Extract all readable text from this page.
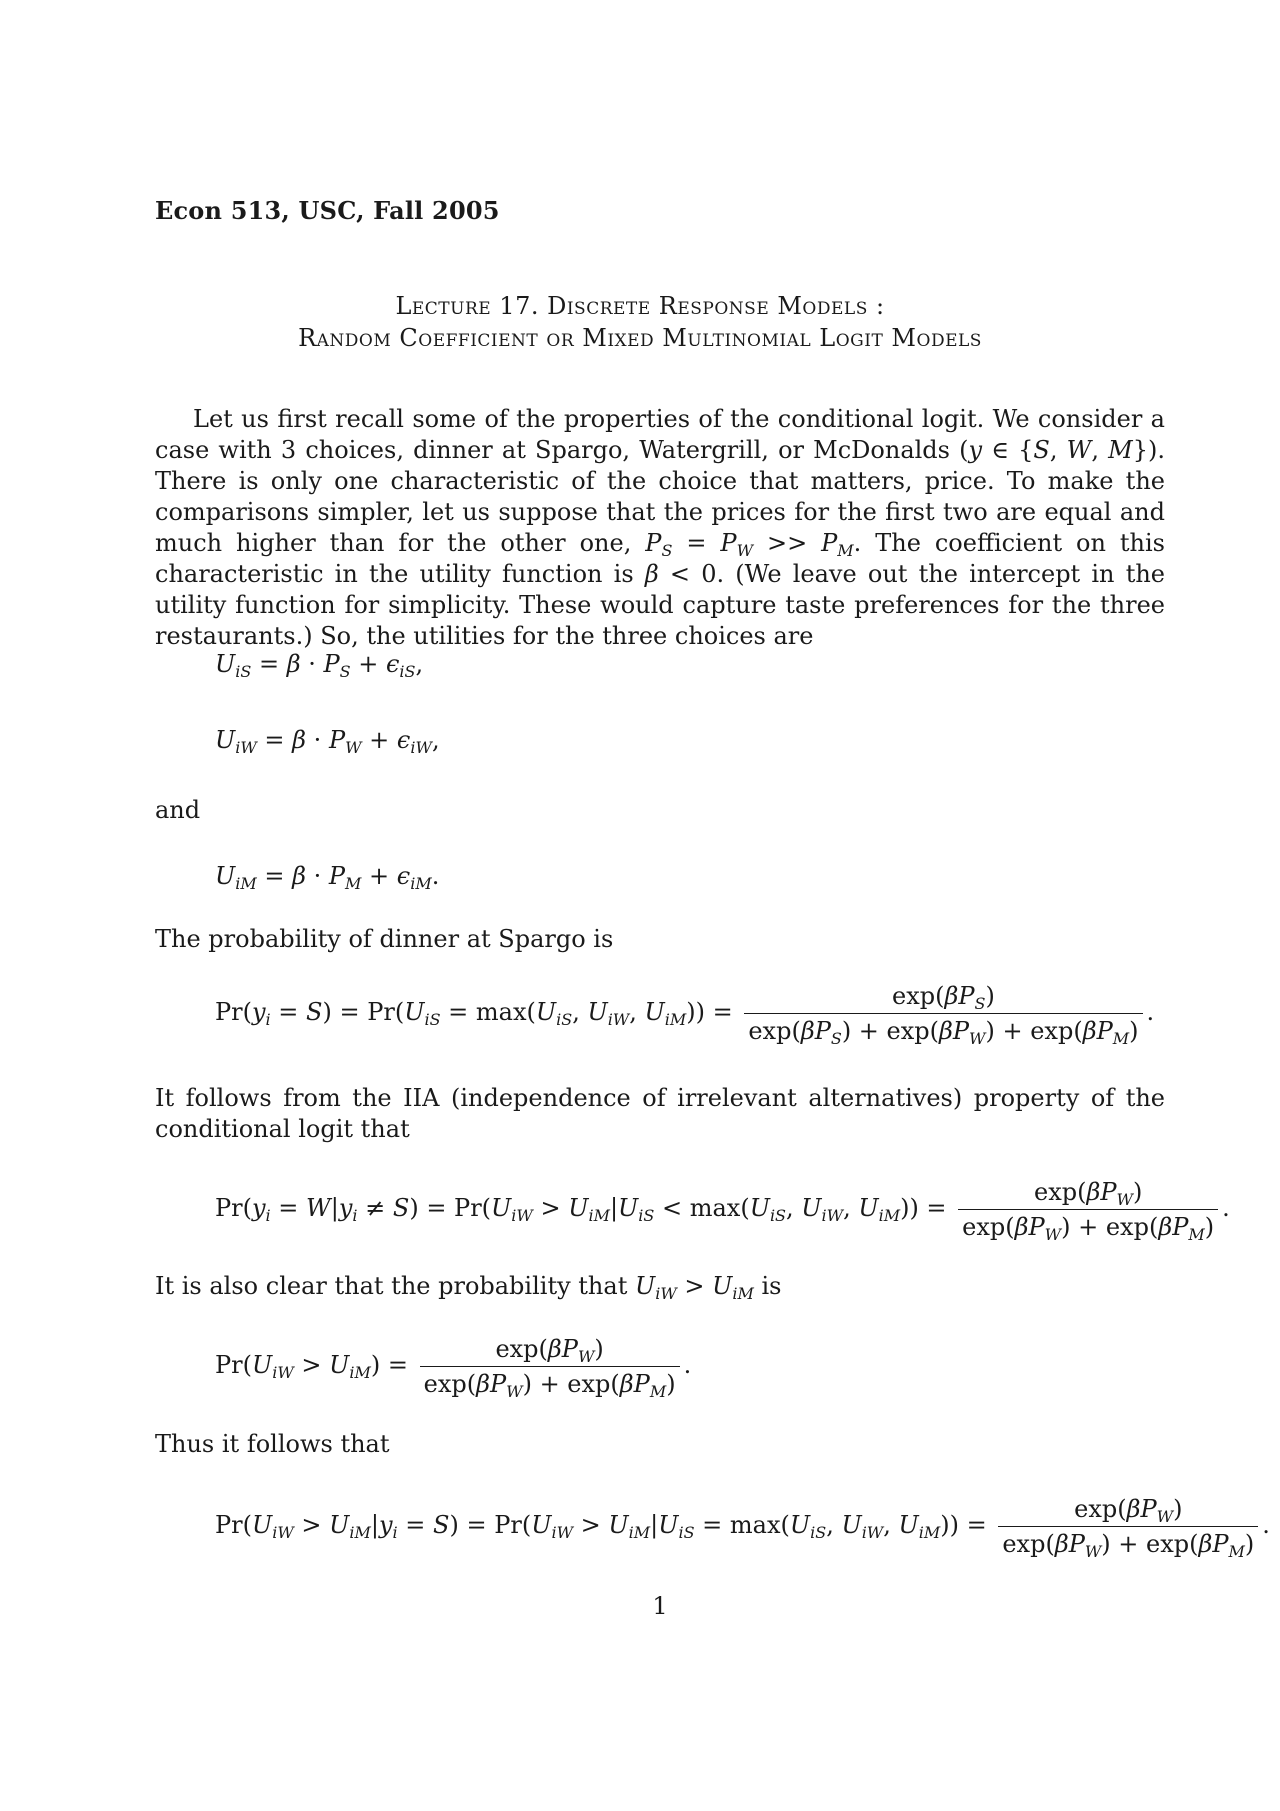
Econ 513, USC, Fall 2005
Lecture 17. Discrete Response Models :
Random Coefficient or Mixed Multinomial Logit Models
Let us first recall some of the properties of the conditional logit. We consider a case with 3 choices, dinner at Spargo, Watergrill, or McDonalds (y ∈ {S, W, M}). There is only one characteristic of the choice that matters, price. To make the comparisons simpler, let us suppose that the prices for the first two are equal and much higher than for the other one, $P_S = P_W >> P_M$. The coefficient on this characteristic in the utility function is β < 0. (We leave out the intercept in the utility function for simplicity. These would capture taste preferences for the three restaurants.) So, the utilities for the three choices are
$U_{iS} = \beta \cdot P_S + \epsilon_{iS}$,
$U_{iW} = \beta \cdot P_W + \epsilon_{iW}$,
and
$U_{iM} = \beta \cdot P_M + \epsilon_{iM}$.
The probability of dinner at Spargo is
$Pr(y_i = S) = Pr(U_{iS} = \max(U_{iS}$, $U_{iW}$, $U_{iM})) = \frac{\exp(\beta P_S)}{\exp(\beta P_S) + \exp(\beta P_W) + \exp(\beta P_M)}$ .
It follows from the IIA (independence of irrelevant alternatives) property of the conditional logit that
$Pr(y_i = W|y_i \ne S) = Pr(U_{iW} > U_{iM}|U_{iS} < \max(U_{iS}$, $U_{iW}$, $U_{iM})) = \frac{\exp(\beta P_W)}{\exp(\beta P_W) + \exp(\beta P_M)}$ .
It is also clear that the probability that $U_{iW} > U_{iM}$ is
$Pr(U_{iW} > U_{iM}) = \frac{\exp(\beta P_W)}{\exp(\beta P_W) + \exp(\beta P_M)}$ .
Thus it follows that
$Pr(U_{iW} > U_{iM}|y_i = S) = Pr(U_{iW} > U_{iM}|U_{iS} = \max(U_{iS}$, $U_{iW}$, $U_{iM})) = \frac{\exp(\beta P_W)}{\exp(\beta P_W) + \exp(\beta P_M)}$ .
1
